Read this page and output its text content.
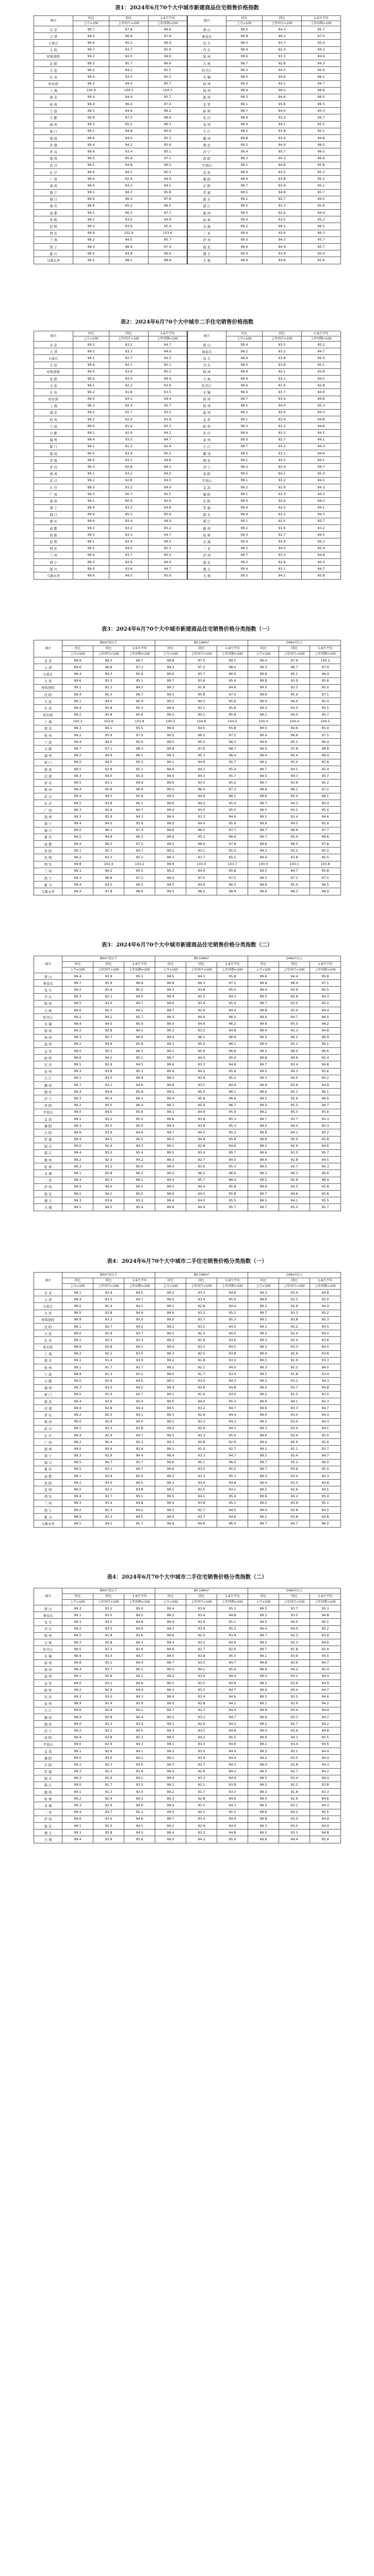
表1：2024年6月70个大中城市新建商品住宅销售价格指数
城市	环比	同比	1-6月平均	城市	环比	同比	1-6月平均
	上月=100	上年同月=100	上年同期=100		上月=100	上年同月=100	上年同期=100
北 京	99.7	97.8	99.6	唐 山	99.5	94.2	95.7
天 津	99.4	96.8	97.8	秦皇岛	99.8	96.2	97.0
石家庄	99.6	95.2	96.4	包 头	99.3	93.7	95.4
太 原	99.7	93.7	95.4	丹 东	99.4	92.4	94.2
呼和浩特	99.2	92.0	94.6	锦 州	99.6	93.3	94.9
沈 阳	99.5	95.7	96.9	吉 林	99.7	92.8	94.3
大 连	99.2	94.1	95.5	牡丹江	99.3	94.5	95.9
长 春	99.4	93.0	95.5	无 锡	99.5	94.8	96.1
哈尔滨	99.2	94.0	95.7	徐 州	99.3	93.1	94.7
上 海	100.4	104.3	104.3	扬 州	99.4	96.0	96.8
南 京	99.4	94.4	95.7	温 州	99.3	94.9	96.0
杭 州	99.4	96.4	97.4	金 华	99.1	95.8	96.5
宁 波	99.5	94.9	96.2	蚌 埠	99.7	94.4	95.3
合 肥	99.8	97.5	98.6	安 庆	99.6	93.2	94.7
福 州	99.3	95.2	96.3	泉 州	99.4	94.1	95.5
厦 门	99.1	94.8	95.6	九 江	99.2	93.8	95.1
南 昌	99.6	94.0	95.3	赣 州	99.8	93.4	94.8
济 南	99.4	94.2	95.6	烟 台	99.5	94.9	96.0
青 岛	99.6	93.4	95.1	济 宁	99.4	95.7	96.5
郑 州	99.5	95.9	97.1	洛 阳	99.3	95.3	96.6
武 汉	99.5	94.8	96.0	平顶山	99.1	94.8	95.8
长 沙	99.6	94.1	95.3	宜 昌	99.6	93.5	95.2
广 州	99.4	92.9	94.9	襄 阳	99.4	93.8	95.2
深 圳	99.4	93.2	94.5	岳 阳	99.7	93.9	95.1
南 宁	99.5	94.3	95.8	常 德	99.5	94.8	95.7
海 口	99.6	96.4	97.6	韶 关	99.1	92.7	94.5
重 庆	99.6	95.2	96.5	湛 江	99.5	93.3	95.6
成 都	99.5	96.3	97.7	惠 州	99.3	92.6	94.4
贵 阳	99.2	93.0	94.9	桂 林	99.4	93.5	95.2
昆 明	99.3	93.6	95.4	北 海	99.2	96.1	96.5
西 安	99.9	102.9	103.6	三 亚	99.4	95.6	96.3
兰 州	99.2	94.5	95.7	泸 州	99.5	94.3	95.7
西 宁	99.4	96.9	97.4	南 充	99.6	94.4	95.7
银 川	99.5	94.8	96.4	遵 义	99.4	93.9	95.4
乌鲁木齐	99.5	98.1	98.8	大 理	99.6	94.8	95.6
表2：2024年6月70个大中城市二手住宅销售价格指数
城市	环比	同比	1-6月平均	城市	环比	同比	1-6月平均
	上月=100	上年同月=100	上年同期=100		上月=100	上年同月=100	上年同期=100
北 京	99.2	93.2	94.7	唐 山	99.4	93.5	95.2
天 津	99.5	93.3	94.9	秦皇岛	99.2	93.3	94.7
石家庄	99.1	92.7	94.3	包 头	99.4	93.8	95.0
太 原	99.6	93.1	95.1	丹 东	99.3	93.8	95.1
呼和浩特	99.0	93.6	95.2	锦 州	99.6	92.1	93.8
沈 阳	99.2	93.0	94.4	吉 林	99.4	93.1	94.5
大 连	99.1	92.2	93.9	牡丹江	99.6	91.6	92.8
长 春	99.2	91.8	93.5	无 锡	99.0	93.7	94.9
哈尔滨	99.0	93.1	94.4	徐 州	99.7	93.4	94.6
上 海	99.3	92.4	93.7	扬 州	99.5	94.0	95.3
南 京	99.2	91.7	93.2	温 州	99.2	92.9	94.3
杭 州	99.2	92.0	93.9	金 华	99.1	93.4	94.8
宁 波	99.0	91.6	93.3	蚌 埠	99.3	93.2	94.6
合 肥	99.1	92.9	94.2	安 庆	99.4	93.3	94.5
福 州	99.4	93.5	94.7	泉 州	99.0	92.7	94.1
厦 门	99.1	91.3	92.9	九 江	99.7	93.2	94.3
南 昌	99.5	93.9	95.2	赣 州	99.5	93.1	94.6
济 南	99.5	93.1	94.6	烟 台	99.1	92.5	94.1
青 岛	99.3	92.8	94.3	济 宁	99.3	93.4	94.7
郑 州	99.1	93.2	94.2	洛 阳	99.5	94.1	95.4
武 汉	99.2	92.8	94.0	平顶山	99.1	93.2	94.5
长 沙	99.5	93.2	94.9	宜 昌	99.2	92.9	94.3
广 州	99.3	90.7	92.5	襄 阳	99.1	93.3	94.3
深 圳	99.1	90.9	92.6	岳 阳	99.3	92.6	94.2
南 宁	99.4	93.2	94.6	常 德	99.4	92.5	94.1
海 口	99.6	95.0	95.9	韶 关	99.4	93.2	94.3
重 庆	99.6	93.4	94.9	湛 江	99.1	92.0	93.7
成 都	99.2	93.2	95.2	惠 州	99.2	91.6	93.2
贵 阳	99.3	93.3	94.7	桂 林	99.3	92.7	94.5
昆 明	99.1	92.4	94.0	北 海	99.4	92.9	94.2
西 安	99.5	94.0	95.3	三 亚	99.5	94.0	95.4
兰 州	99.4	93.7	95.0	泸 州	99.7	93.3	94.8
西 宁	99.3	92.6	94.4	南 充	99.2	92.8	94.3
银 川	99.0	93.6	94.7	遵 义	99.4	93.1	94.7
乌鲁木齐	99.6	94.5	95.9	大 理	99.5	94.2	95.8
表3：2024年6月70个大中城市新建商品住宅销售价格分类指数（一）
城市	90m²及以下			90-144m²			144m²以上		
	环比	同比	1-6月平均	环比	同比	1-6月平均	环比	同比	1-6月平均
	上月=100	上年同月=100	上年同期=100	上月=100	上年同月=100	上年同期=100	上月=100	上年同月=100	上年同期=100
北 京	99.9	99.0	99.7	99.8	97.5	99.5	99.4	97.6	100.2
天 津	99.6	96.6	97.3	99.4	97.2	98.0	99.3	96.7	97.9
石家庄	99.4	94.3	95.9	99.6	95.7	96.6	99.8	95.1	96.4
太 原	99.6	93.3	95.1	99.7	93.8	95.4	99.8	93.9	95.8
呼和浩特	99.1	92.1	94.2	99.3	91.8	94.6	99.0	92.3	95.0
沈 阳	99.4	95.5	96.7	99.5	95.8	97.0	99.6	95.9	97.1
大 连	99.1	94.0	95.4	99.2	94.2	95.6	99.4	94.0	95.4
长 春	99.4	92.8	95.3	99.4	93.1	95.6	99.3	93.0	95.5
哈尔滨	99.2	93.8	95.6	99.2	94.1	95.8	99.1	94.0	95.7
上 海	100.3	103.6	103.8	100.5	104.6	104.5	100.4	104.4	104.5
南 京	99.3	94.1	95.5	99.4	94.5	95.8	99.5	94.6	95.9
杭 州	99.2	95.9	97.0	99.5	96.5	97.5	99.4	96.6	97.5
宁 波	99.4	94.5	95.9	99.5	95.0	96.3	99.6	95.1	96.4
合 肥	99.7	97.1	98.3	99.8	97.6	98.7	99.9	97.8	98.8
福 州	99.2	94.9	96.1	99.3	95.3	96.4	99.4	95.4	96.4
厦 门	99.0	94.5	95.3	99.1	94.9	95.7	99.2	95.0	95.8
南 昌	99.5	93.8	95.1	99.6	94.1	95.4	99.7	94.1	95.4
济 南	99.3	94.0	95.4	99.4	94.3	95.7	99.5	94.3	95.7
青 岛	99.5	93.1	94.9	99.6	93.5	95.2	99.7	93.6	95.2
郑 州	99.4	95.6	96.9	99.5	96.0	97.2	99.6	96.1	97.2
武 汉	99.4	94.5	95.8	99.5	94.9	96.1	99.6	95.0	96.1
长 沙	99.5	93.8	95.1	99.6	94.2	95.4	99.7	94.3	95.4
广 州	99.3	92.6	94.7	99.4	93.0	95.0	99.5	93.1	95.0
深 圳	99.3	92.9	94.3	99.4	93.3	94.6	99.5	93.4	94.6
南 宁	99.4	94.0	95.6	99.5	94.4	95.9	99.6	94.5	95.9
海 口	99.5	96.1	97.4	99.6	96.5	97.7	99.7	96.6	97.7
重 庆	99.5	94.9	96.3	99.6	95.3	96.6	99.7	95.4	96.6
成 都	99.4	96.0	97.5	99.5	96.4	97.8	99.6	96.5	97.8
贵 阳	99.1	92.7	94.7	99.2	93.1	95.0	99.3	93.2	95.0
昆 明	99.2	93.3	95.2	99.3	93.7	95.5	99.4	93.8	95.5
西 安	99.8	102.4	103.2	99.9	103.0	103.7	100.0	103.1	103.8
兰 州	99.1	94.2	95.5	99.2	94.6	95.8	99.3	94.7	95.8
西 宁	99.3	96.6	97.2	99.4	97.0	97.5	99.5	97.1	97.5
银 川	99.4	94.5	96.2	99.5	94.9	96.5	99.6	95.0	96.5
乌鲁木齐	99.4	97.8	98.6	99.5	98.2	98.9	99.6	98.3	98.9
表3：2024年6月70个大中城市新建商品住宅销售价格分类指数（二）
城市	90m²及以下			90-144m²			144m²以上		
	环比	同比	1-6月平均	环比	同比	1-6月平均	环比	同比	1-6月平均
	上月=100	上年同月=100	上年同期=100	上月=100	上年同月=100	上年同期=100	上月=100	上年同月=100	上年同期=100
唐 山	99.4	93.9	95.5	99.5	94.3	95.8	99.6	94.4	95.8
秦皇岛	99.7	95.9	96.8	99.8	96.3	97.1	99.9	96.4	97.1
包 头	99.2	93.4	95.2	99.3	93.8	95.5	99.4	93.9	95.5
丹 东	99.3	92.1	94.0	99.4	92.5	94.3	99.5	92.6	94.3
锦 州	99.5	93.0	94.7	99.6	93.4	95.0	99.7	93.5	95.0
吉 林	99.6	92.5	94.1	99.7	92.9	94.4	99.8	93.0	94.4
牡丹江	99.2	94.2	95.7	99.3	94.6	96.0	99.4	94.7	96.0
无 锡	99.4	94.5	95.9	99.5	94.9	96.2	99.6	95.0	96.2
徐 州	99.2	92.8	94.5	99.3	93.2	94.8	99.4	93.3	94.8
扬 州	99.3	95.7	96.6	99.4	96.1	96.9	99.5	96.2	96.9
温 州	99.2	94.6	95.8	99.3	95.0	96.1	99.4	95.1	96.1
金 华	99.0	95.5	96.3	99.1	95.9	96.6	99.2	96.0	96.6
蚌 埠	99.6	94.1	95.1	99.7	94.5	95.4	99.8	94.6	95.4
安 庆	99.5	92.9	94.5	99.6	93.3	94.8	99.7	93.4	94.8
泉 州	99.3	93.8	95.3	99.4	94.2	95.6	99.5	94.3	95.6
九 江	99.1	93.5	94.9	99.2	93.9	95.2	99.3	94.0	95.2
赣 州	99.7	93.1	94.6	99.8	93.5	94.9	99.9	93.6	94.9
烟 台	99.4	94.6	95.8	99.5	95.0	96.1	99.6	95.1	96.1
济 宁	99.3	95.4	96.3	99.4	95.8	96.6	99.5	95.9	96.6
洛 阳	99.2	95.0	96.4	99.3	95.4	96.7	99.4	95.5	96.7
平顶山	99.0	94.5	95.6	99.1	94.9	95.9	99.2	95.0	95.9
宜 昌	99.5	93.2	95.0	99.6	93.6	95.3	99.7	93.7	95.3
襄 阳	99.3	93.5	95.0	99.4	93.9	95.3	99.5	94.0	95.3
岳 阳	99.6	93.6	94.9	99.7	94.0	95.2	99.8	94.1	95.2
常 德	99.4	94.5	95.5	99.5	94.9	95.8	99.6	95.0	95.8
韶 关	99.0	92.4	94.3	99.1	92.8	94.6	99.2	92.9	94.6
湛 江	99.4	93.0	95.4	99.5	93.4	95.7	99.6	93.5	95.7
惠 州	99.2	92.3	94.2	99.3	92.7	94.5	99.4	92.8	94.5
桂 林	99.3	93.2	95.0	99.4	93.6	95.3	99.5	93.7	95.3
北 海	99.1	95.8	96.3	99.2	96.2	96.6	99.3	96.3	96.6
三 亚	99.3	95.3	96.1	99.4	95.7	96.4	99.5	95.8	96.4
泸 州	99.4	94.0	95.5	99.5	94.4	95.8	99.6	94.5	95.8
南 充	99.5	94.1	95.5	99.6	94.5	95.8	99.7	94.6	95.8
遵 义	99.3	93.6	95.2	99.4	94.0	95.5	99.5	94.1	95.5
大 理	99.5	94.5	95.4	99.6	94.9	95.7	99.7	95.0	95.7
表4：2024年6月70个大中城市二手住宅销售价格分类指数（一）
城市	90m²及以下			90-144m²			144m²以上		
	环比	同比	1-6月平均	环比	同比	1-6月平均	环比	同比	1-6月平均
	上月=100	上年同月=100	上年同期=100	上月=100	上年同月=100	上年同期=100	上月=100	上年同月=100	上年同期=100
北 京	99.1	92.9	94.5	99.2	93.3	94.8	99.3	93.4	94.8
天 津	99.4	93.0	94.7	99.5	93.4	95.0	99.6	93.5	95.0
石家庄	99.0	92.4	94.1	99.1	92.8	94.4	99.2	92.9	94.4
太 原	99.5	92.8	94.9	99.6	93.2	95.2	99.7	93.3	95.2
呼和浩特	98.9	93.3	95.0	99.0	93.7	95.3	99.1	93.8	95.3
沈 阳	99.1	92.7	94.2	99.2	93.1	94.5	99.3	93.2	94.5
大 连	99.0	91.9	93.7	99.1	92.3	94.0	99.2	92.4	94.0
长 春	99.1	91.5	93.3	99.2	91.9	93.6	99.3	92.0	93.6
哈尔滨	98.9	92.8	94.2	99.0	93.2	94.5	99.1	93.3	94.5
上 海	99.2	92.1	93.5	99.3	92.5	93.8	99.4	92.6	93.8
南 京	99.1	91.4	93.0	99.2	91.8	93.3	99.3	91.9	93.3
杭 州	99.1	91.7	93.7	99.2	92.1	94.0	99.3	92.2	94.0
宁 波	98.9	91.3	93.1	99.0	91.7	93.4	99.1	91.8	93.4
合 肥	99.0	92.6	94.0	99.1	93.0	94.3	99.2	93.1	94.3
福 州	99.3	93.2	94.5	99.4	93.6	94.8	99.5	93.7	94.8
厦 门	99.0	91.0	92.7	99.1	91.4	93.0	99.2	91.5	93.0
南 昌	99.4	93.6	95.0	99.5	94.0	95.3	99.6	94.1	95.3
济 南	99.4	92.8	94.4	99.5	93.2	94.7	99.6	93.3	94.7
青 岛	99.2	92.5	94.1	99.3	92.9	94.4	99.4	93.0	94.4
郑 州	99.0	92.9	94.0	99.1	93.3	94.3	99.2	93.4	94.3
武 汉	99.1	92.5	93.8	99.2	92.9	94.1	99.3	93.0	94.1
长 沙	99.4	92.9	94.7	99.5	93.3	95.0	99.6	93.4	95.0
广 州	99.2	90.4	92.3	99.3	90.8	92.6	99.4	90.9	92.6
深 圳	99.0	90.6	92.4	99.1	91.0	92.7	99.2	91.1	92.7
南 宁	99.3	92.9	94.4	99.4	93.3	94.7	99.5	93.4	94.7
海 口	99.5	94.7	95.7	99.6	95.1	96.0	99.7	95.2	96.0
重 庆	99.5	93.1	94.7	99.6	93.5	95.0	99.7	93.6	95.0
成 都	99.1	92.9	95.0	99.2	93.3	95.3	99.3	93.4	95.3
贵 阳	99.2	93.0	94.5	99.3	93.4	94.8	99.4	93.5	94.8
昆 明	99.0	92.1	93.8	99.1	92.5	94.1	99.2	92.6	94.1
西 安	99.4	93.7	95.1	99.5	94.1	95.4	99.6	94.2	95.4
兰 州	99.3	93.4	94.8	99.4	93.8	95.1	99.5	93.9	95.1
西 宁	99.2	92.3	94.2	99.3	92.7	94.5	99.4	92.8	94.5
银 川	98.9	93.3	94.5	99.0	93.7	94.8	99.1	93.8	94.8
乌鲁木齐	99.5	94.2	95.7	99.6	94.6	96.0	99.7	94.7	96.0
表4：2024年6月70个大中城市二手住宅销售价格分类指数（二）
城市	90m²及以下			90-144m²			144m²以上		
	环比	同比	1-6月平均	环比	同比	1-6月平均	环比	同比	1-6月平均
	上月=100	上年同月=100	上年同期=100	上月=100	上年同月=100	上年同期=100	上月=100	上年同月=100	上年同期=100
唐 山	99.3	93.2	95.0	99.4	93.6	95.3	99.5	93.7	95.3
秦皇岛	99.1	93.0	94.5	99.2	93.4	94.8	99.3	93.5	94.8
包 头	99.3	93.5	94.8	99.4	93.9	95.1	99.5	94.0	95.1
丹 东	99.2	93.5	94.9	99.3	93.9	95.2	99.4	94.0	95.2
锦 州	99.5	91.8	93.6	99.6	92.2	93.9	99.7	92.3	93.9
吉 林	99.3	92.8	94.3	99.4	93.2	94.6	99.5	93.3	94.6
牡丹江	99.5	91.3	92.6	99.6	91.7	92.9	99.7	91.8	92.9
无 锡	98.9	93.4	94.7	99.0	93.8	95.0	99.1	93.9	95.0
徐 州	99.6	93.1	94.4	99.7	93.5	94.7	99.8	93.6	94.7
扬 州	99.4	93.7	95.1	99.5	94.1	95.4	99.6	94.2	95.4
温 州	99.1	92.6	94.1	99.2	93.0	94.4	99.3	93.1	94.4
金 华	99.0	93.1	94.6	99.1	93.5	94.9	99.2	93.6	94.9
蚌 埠	99.2	92.9	94.4	99.3	93.3	94.7	99.4	93.4	94.7
安 庆	99.3	93.0	94.3	99.4	93.4	94.6	99.5	93.5	94.6
泉 州	98.9	92.4	93.9	99.0	92.8	94.2	99.1	92.9	94.2
九 江	99.6	92.9	94.1	99.7	93.3	94.4	99.8	93.4	94.4
赣 州	99.4	92.8	94.4	99.5	93.2	94.7	99.6	93.3	94.7
烟 台	99.0	92.2	93.9	99.1	92.6	94.2	99.2	92.7	94.2
济 宁	99.2	93.1	94.5	99.3	93.5	94.8	99.4	93.6	94.8
洛 阳	99.4	93.8	95.2	99.5	94.2	95.5	99.6	94.3	95.5
平顶山	99.0	92.9	94.3	99.1	93.3	94.6	99.2	93.4	94.6
宜 昌	99.1	92.6	94.1	99.2	93.0	94.4	99.3	93.1	94.4
襄 阳	99.0	93.0	94.1	99.1	93.4	94.4	99.2	93.5	94.4
岳 阳	99.2	92.3	94.0	99.3	92.7	94.3	99.4	92.8	94.3
常 德	99.3	92.2	93.9	99.4	92.6	94.2	99.5	92.7	94.2
韶 关	99.3	92.9	94.1	99.4	93.3	94.4	99.5	93.4	94.4
湛 江	99.0	91.7	93.5	99.1	92.1	93.8	99.2	92.2	93.8
惠 州	99.1	91.3	93.0	99.2	91.7	93.3	99.3	91.8	93.3
桂 林	99.2	92.4	94.3	99.3	92.8	94.6	99.4	92.9	94.6
北 海	99.3	92.6	94.0	99.4	93.0	94.3	99.5	93.1	94.3
三 亚	99.4	93.7	95.2	99.5	94.1	95.5	99.6	94.2	95.5
泸 州	99.6	93.0	94.6	99.7	93.4	94.9	99.8	93.5	94.9
南 充	99.1	92.5	94.1	99.2	92.9	94.4	99.3	93.0	94.4
遵 义	99.3	92.8	94.5	99.4	93.2	94.8	99.5	93.3	94.8
大 理	99.4	93.9	95.6	99.5	94.3	95.9	99.6	94.4	95.9
